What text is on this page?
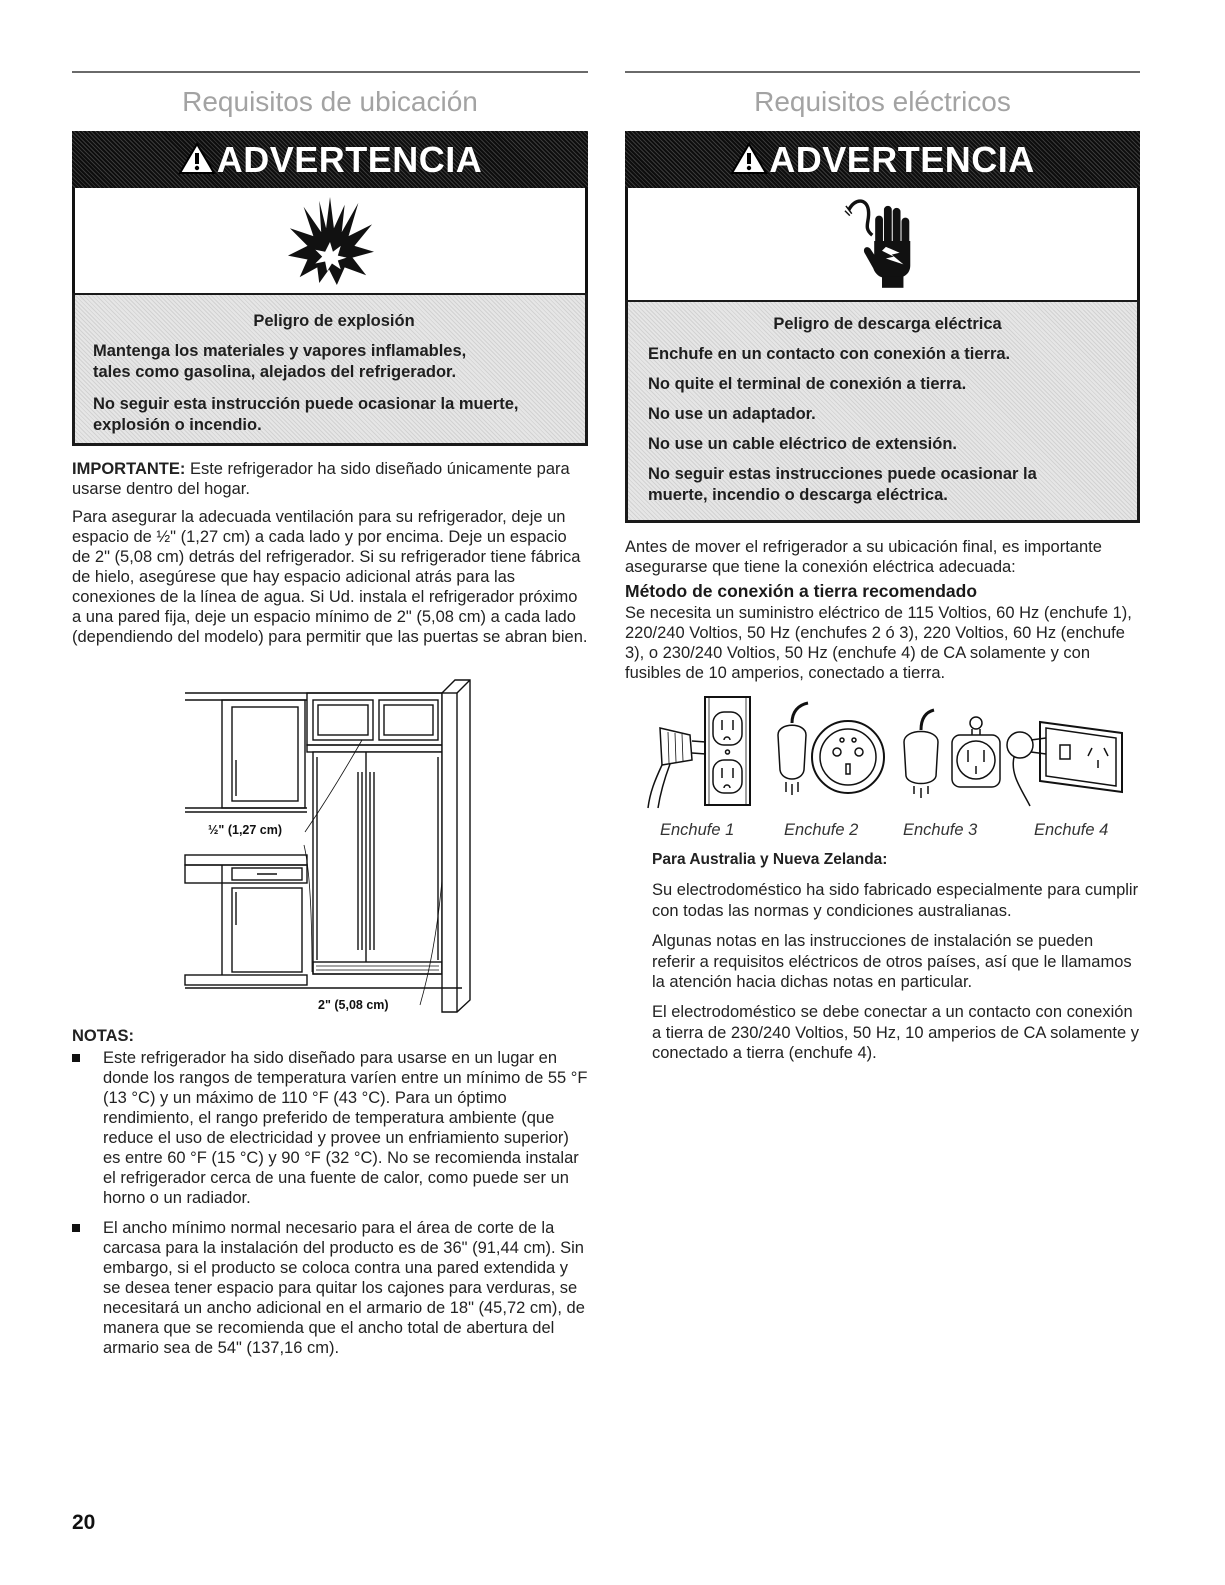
Requisitos de ubicación
ADVERTENCIA
Peligro de explosión
Mantenga los materiales y vapores inflamables,
tales como gasolina, alejados del refrigerador.
No seguir esta instrucción puede ocasionar la muerte,
explosión o incendio.
IMPORTANTE: Este refrigerador ha sido diseñado únicamente para usarse dentro del hogar.
Para asegurar la adecuada ventilación para su refrigerador, deje un espacio de ½" (1,27 cm) a cada lado y por encima. Deje un espacio de 2" (5,08 cm) detrás del refrigerador. Si su refrigerador tiene fábrica de hielo, asegúrese que hay espacio adicional atrás para las conexiones de la línea de agua. Si Ud. instala el refrigerador próximo a una pared fija, deje un espacio mínimo de 2" (5,08 cm) a cada lado (dependiendo del modelo) para permitir que las puertas se abran bien.
½" (1,27 cm)
2" (5,08 cm)
NOTAS:
Este refrigerador ha sido diseñado para usarse en un lugar en donde los rangos de temperatura varíen entre un mínimo de 55 °F (13 °C) y un máximo de 110 °F (43 °C). Para un óptimo rendimiento, el rango preferido de temperatura ambiente (que reduce el uso de electricidad y provee un enfriamiento superior) es entre 60 °F (15 °C) y 90 °F (32 °C). No se recomienda instalar el refrigerador cerca de una fuente de calor, como puede ser un horno o un radiador.
El ancho mínimo normal necesario para el área de corte de la carcasa para la instalación del producto es de 36" (91,44 cm). Sin embargo, si el producto se coloca contra una pared extendida y se desea tener espacio para quitar los cajones para verduras, se necesitará un ancho adicional en el armario de 18" (45,72 cm), de manera que se recomienda que el ancho total de abertura del armario sea de 54" (137,16 cm).
20
Requisitos eléctricos
ADVERTENCIA
Peligro de descarga eléctrica
Enchufe en un contacto con conexión a tierra.
No quite el terminal de conexión a tierra.
No use un adaptador.
No use un cable eléctrico de extensión.
No seguir estas instrucciones puede ocasionar la
muerte, incendio o descarga eléctrica.
Antes de mover el refrigerador a su ubicación final, es importante asegurarse que tiene la conexión eléctrica adecuada:
Método de conexión a tierra recomendado
Se necesita un suministro eléctrico de 115 Voltios, 60 Hz (enchufe 1), 220/240 Voltios, 50 Hz (enchufes 2 ó 3), 220 Voltios, 60 Hz (enchufe 3), o 230/240 Voltios, 50 Hz (enchufe 4) de CA solamente y con fusibles de 10 amperios, conectado a tierra.
Enchufe 1	Enchufe 2	Enchufe 3	Enchufe 4
Para Australia y Nueva Zelanda:
Su electrodoméstico ha sido fabricado especialmente para cumplir con todas las normas y condiciones australianas.
Algunas notas en las instrucciones de instalación se pueden referir a requisitos eléctricos de otros países, así que le llamamos la atención hacia dichas notas en particular.
El electrodoméstico se debe conectar a un contacto con conexión a tierra de 230/240 Voltios, 50 Hz, 10 amperios de CA solamente y conectado a tierra (enchufe 4).
